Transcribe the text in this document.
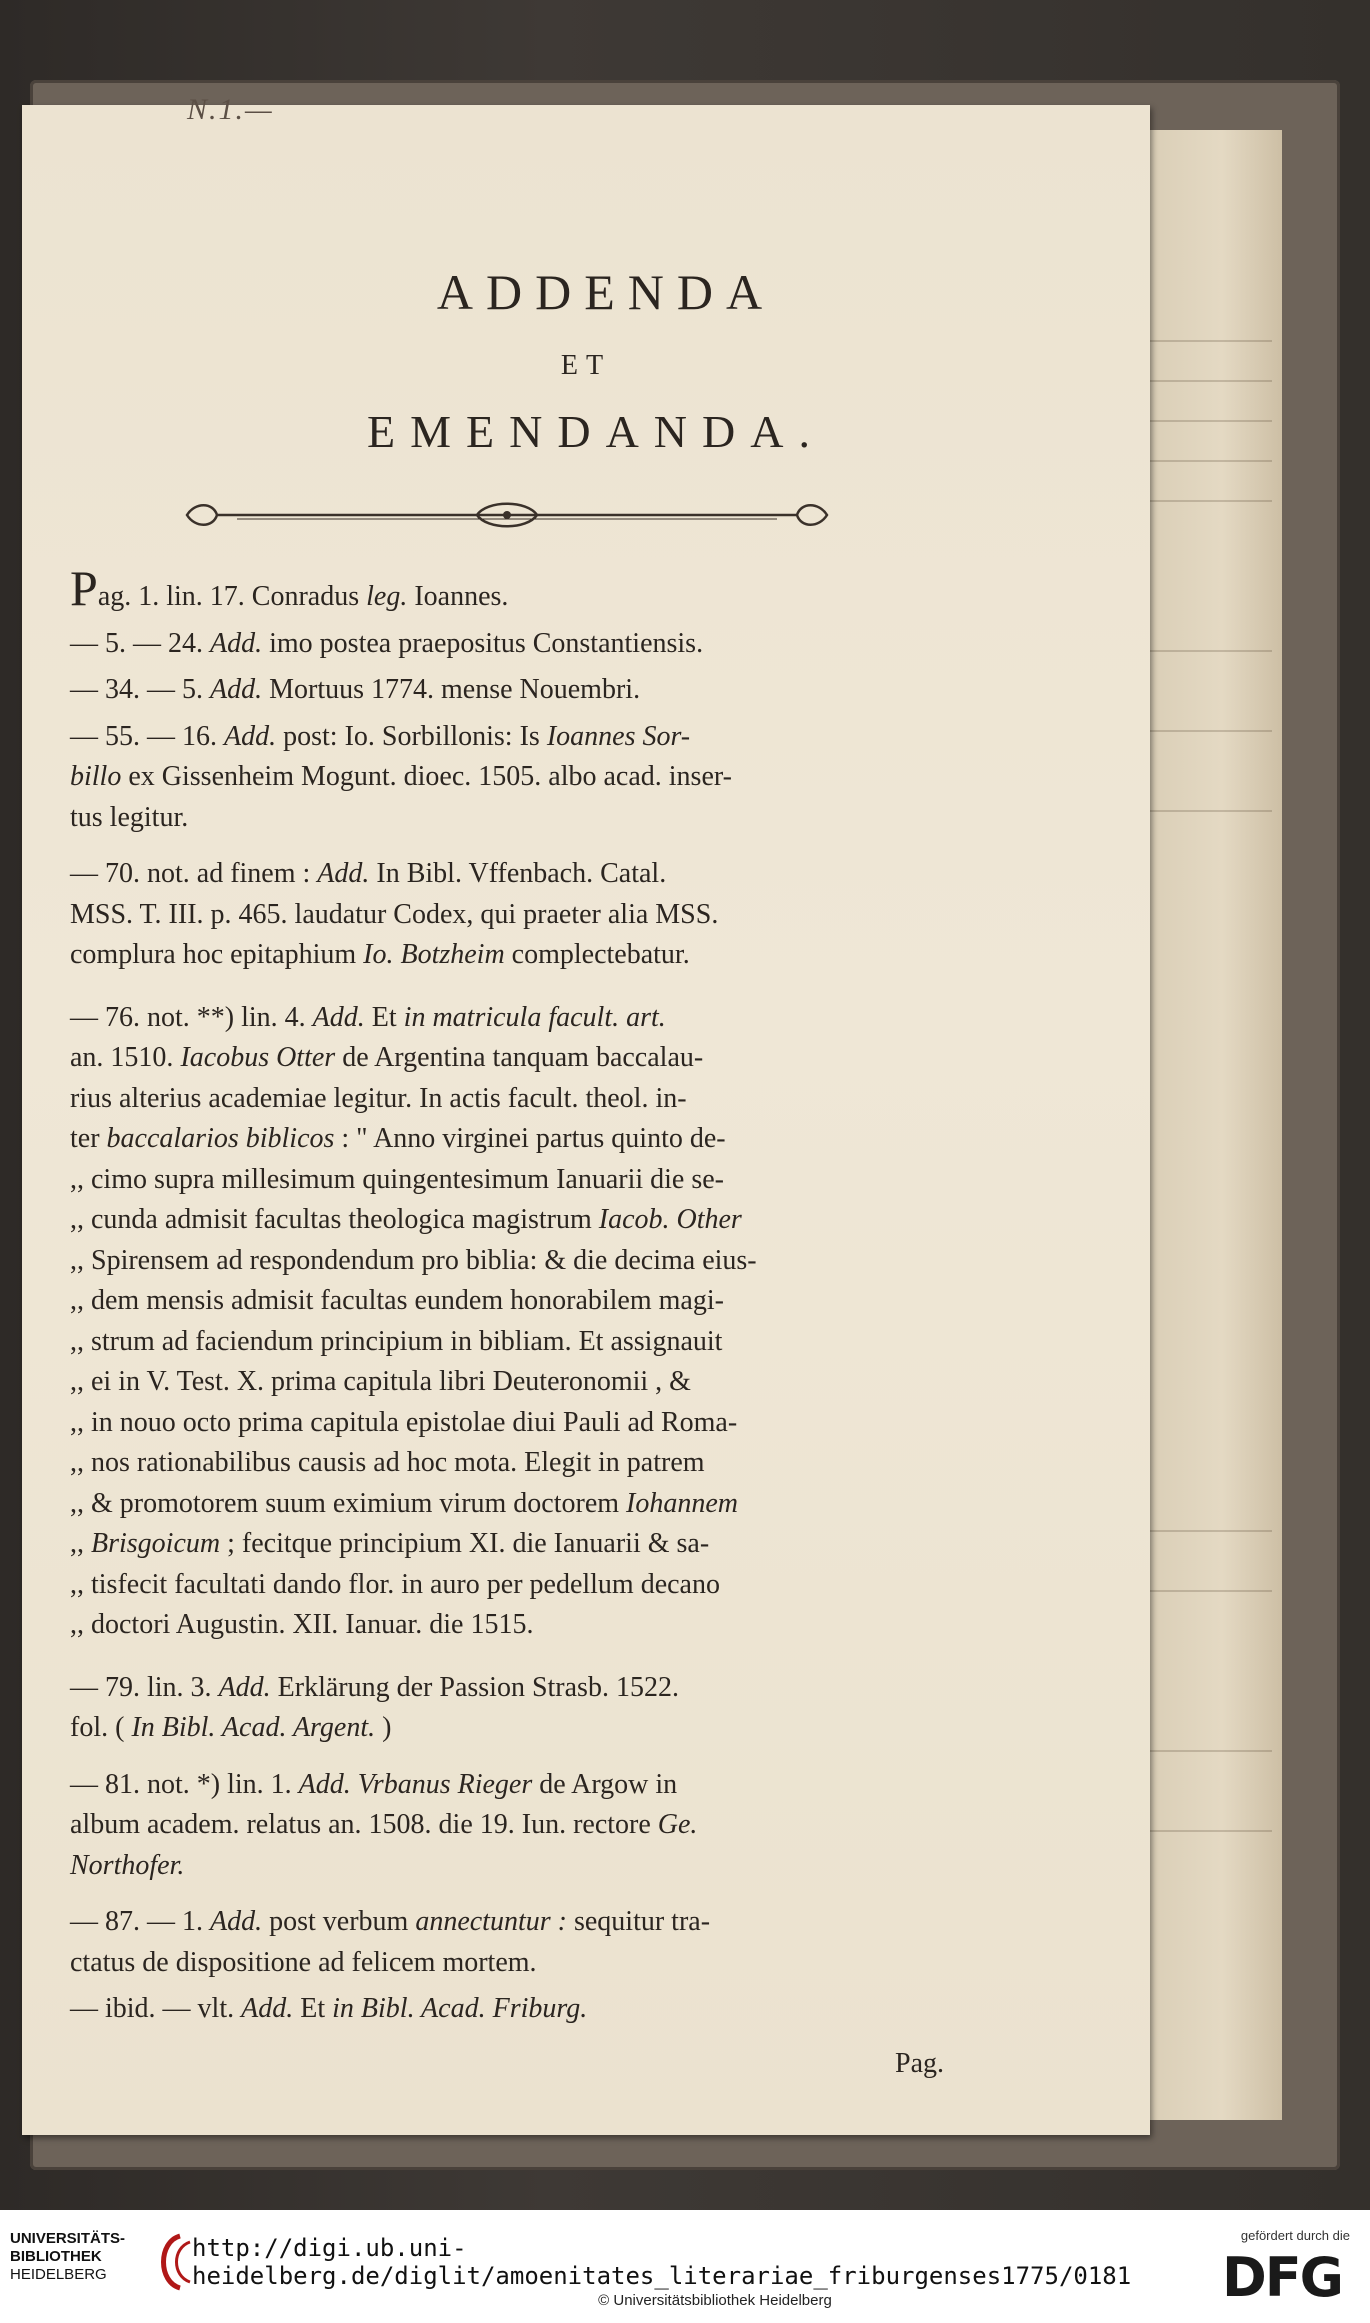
N.1.—
ADDENDA
ET
EMENDANDA.

Pag. 1. lin. 17. Conradus leg. Ioannes.

— 5. — 24. Add. imo postea praepositus Constantiensis.

— 34. — 5. Add. Mortuus 1774. mense Nouembri.

— 55. — 16. Add. post: Io. Sorbillonis: Is Ioannes Sor-
billo ex Gissenheim Mogunt. dioec. 1505. albo acad. inser-
tus legitur.
— 70. not. ad finem : Add. In Bibl. Vffenbach. Catal.
MSS. T. III. p. 465. laudatur Codex, qui praeter alia MSS.
complura hoc epitaphium Io. Botzheim complectebatur.
— 76. not. **) lin. 4. Add. Et in matricula facult. art.
an. 1510. Iacobus Otter de Argentina tanquam baccalau-
rius alterius academiae legitur. In actis facult. theol. in-
ter baccalarios biblicos : " Anno virginei partus quinto de-
,, cimo supra millesimum quingentesimum Ianuarii die se-
,, cunda admisit facultas theologica magistrum Iacob. Other
,, Spirensem ad respondendum pro biblia: & die decima eius-
,, dem mensis admisit facultas eundem honorabilem magi-
,, strum ad faciendum principium in bibliam. Et assignauit
,, ei in V. Test. X. prima capitula libri Deuteronomii , &
,, in nouo octo prima capitula epistolae diui Pauli ad Roma-
,, nos rationabilibus causis ad hoc mota. Elegit in patrem
,, & promotorem suum eximium virum doctorem Iohannem
,, Brisgoicum ; fecitque principium XI. die Ianuarii & sa-
,, tisfecit facultati dando flor. in auro per pedellum decano
,, doctori Augustin. XII. Ianuar. die 1515.
— 79. lin. 3. Add. Erklärung der Passion Strasb. 1522.
fol. ( In Bibl. Acad. Argent. )
— 81. not. *) lin. 1. Add. Vrbanus Rieger de Argow in
album academ. relatus an. 1508. die 19. Iun. rectore Ge.
Northofer.
— 87. — 1. Add. post verbum annectuntur : sequitur tra-
ctatus de dispositione ad felicem mortem.
— ibid. — vlt. Add. Et in Bibl. Acad. Friburg.
Pag.
UNIVERSITÄTS-
BIBLIOTHEK
HEIDELBERG
http://digi.ub.uni-heidelberg.de/diglit/amoenitates_literariae_friburgenses1775/0181
© Universitätsbibliothek Heidelberg
gefördert durch die
DFG
